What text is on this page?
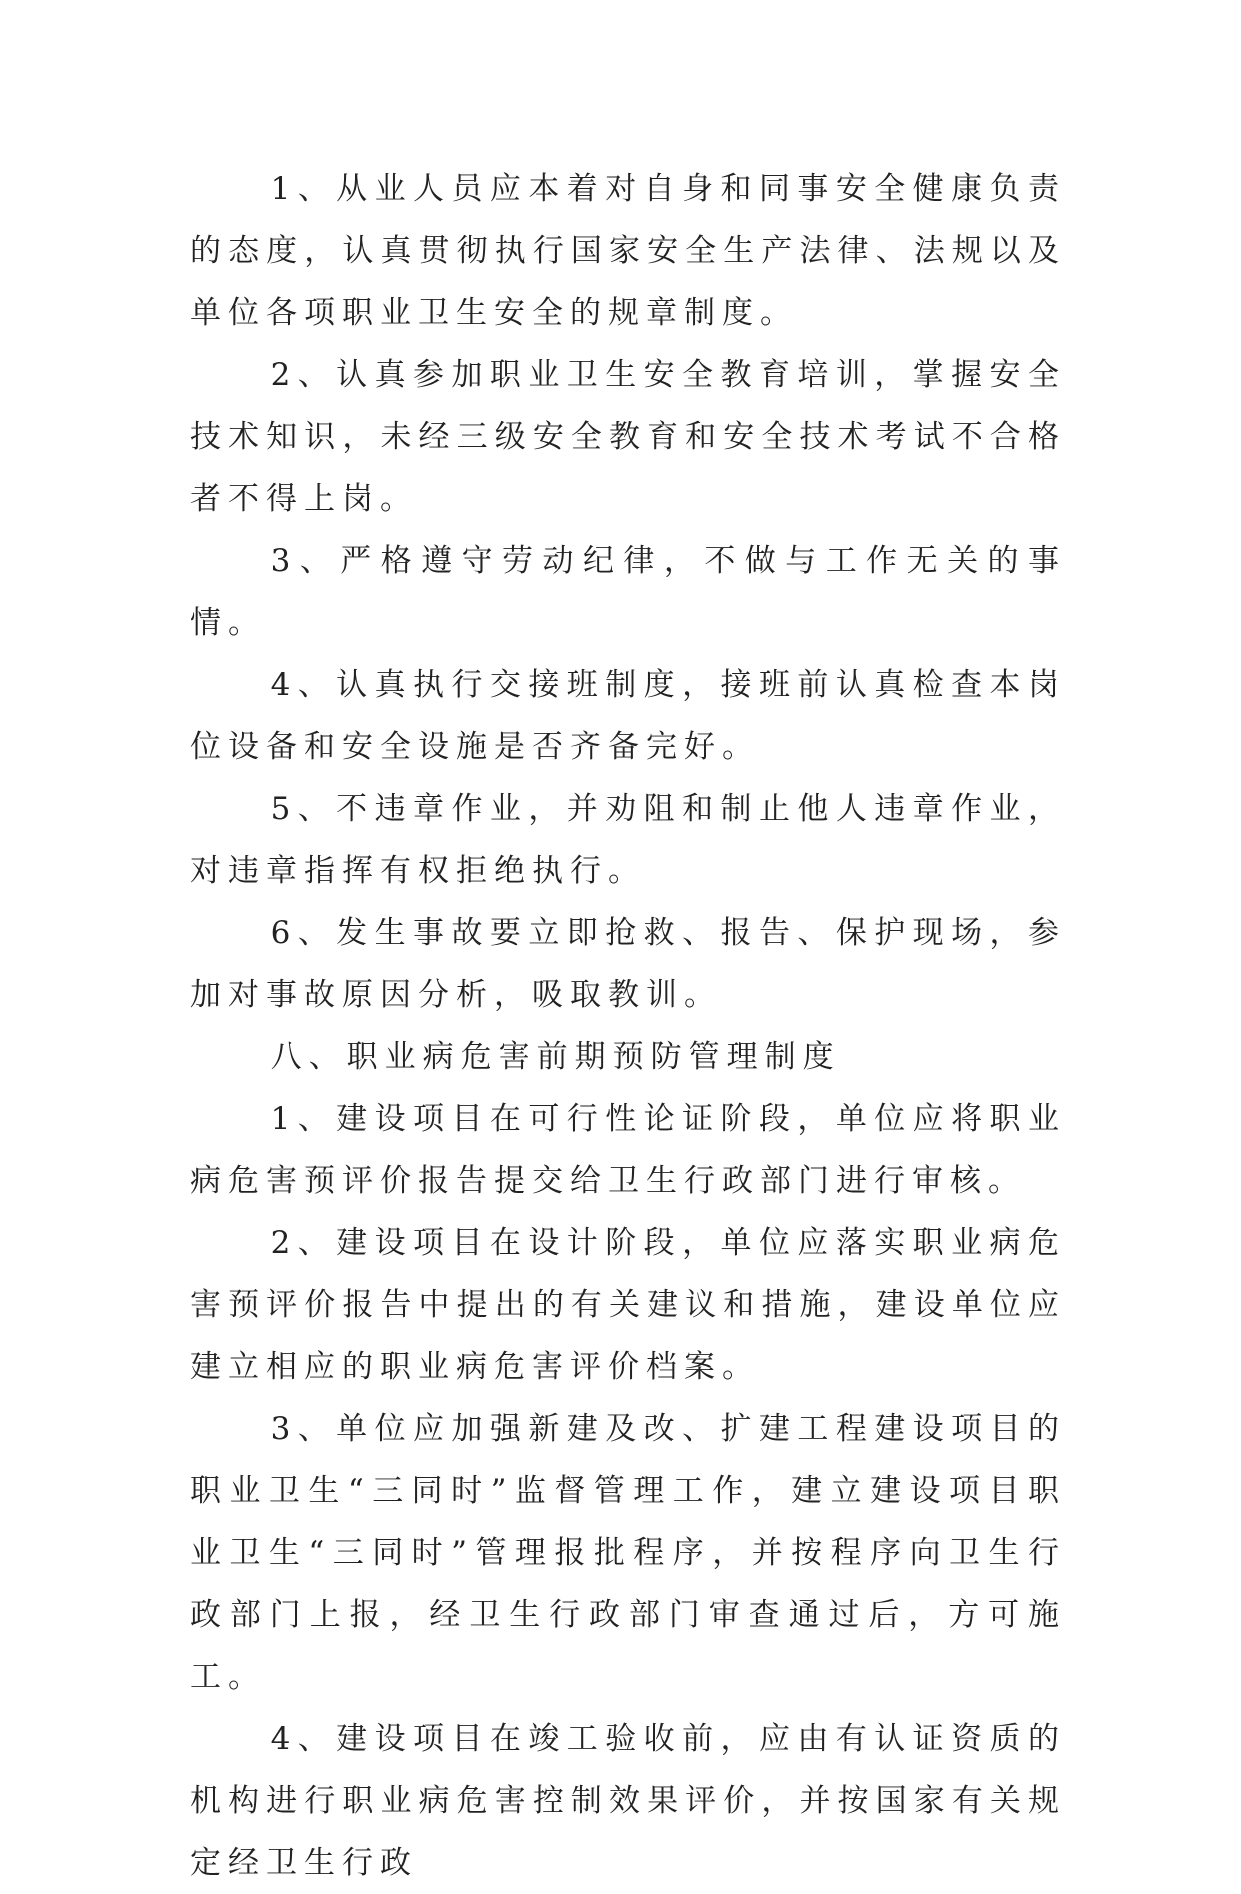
1、从业人员应本着对自身和同事安全健康负责的态度，认真贯彻执行国家安全生产法律、法规以及单位各项职业卫生安全的规章制度。

2、认真参加职业卫生安全教育培训，掌握安全技术知识，未经三级安全教育和安全技术考试不合格者不得上岗。

3、严格遵守劳动纪律，不做与工作无关的事情。

4、认真执行交接班制度，接班前认真检查本岗位设备和安全设施是否齐备完好。

5、不违章作业，并劝阻和制止他人违章作业，对违章指挥有权拒绝执行。

6、发生事故要立即抢救、报告、保护现场，参加对事故原因分析，吸取教训。

八、职业病危害前期预防管理制度

1、建设项目在可行性论证阶段，单位应将职业病危害预评价报告提交给卫生行政部门进行审核。

2、建设项目在设计阶段，单位应落实职业病危害预评价报告中提出的有关建议和措施，建设单位应建立相应的职业病危害评价档案。

3、单位应加强新建及改、扩建工程建设项目的职业卫生“三同时”监督管理工作，建立建设项目职业卫生“三同时”管理报批程序，并按程序向卫生行政部门上报，经卫生行政部门审查通过后，方可施工。

4、建设项目在竣工验收前，应由有认证资质的机构进行职业病危害控制效果评价，并按国家有关规定经卫生行政
